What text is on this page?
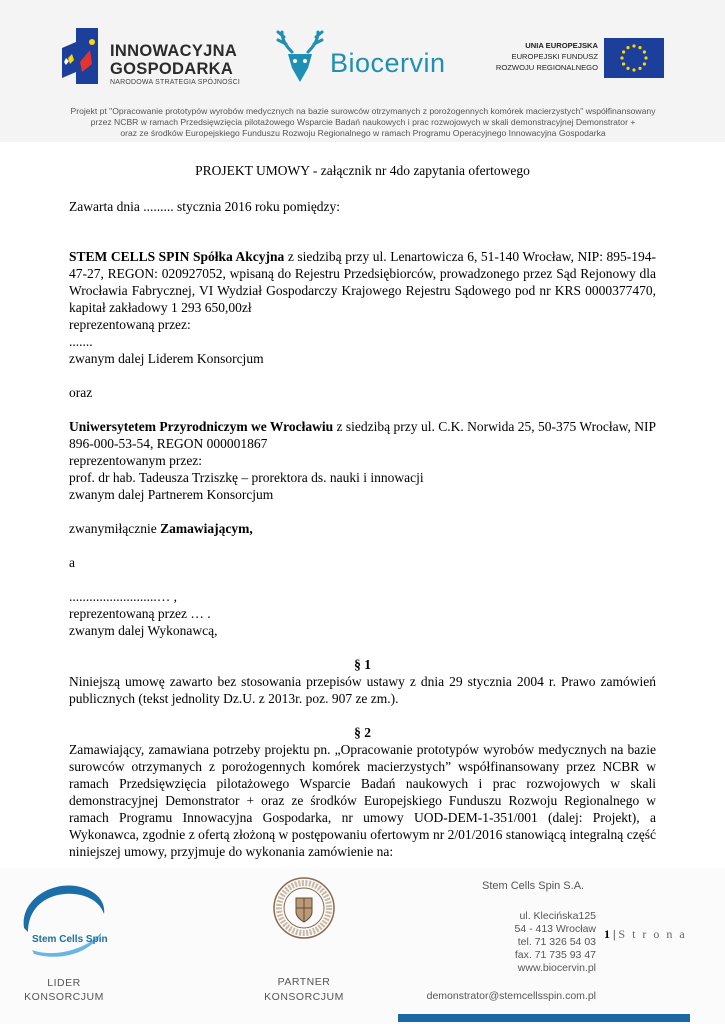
INNOWACYJNA
GOSPODARKA
NARODOWA STRATEGIA SPÓJNOŚCI
Biocervin
UNIA EUROPEJSKA
EUROPEJSKI FUNDUSZ
ROZWOJU REGIONALNEGO
Projekt pt "Opracowanie prototypów wyrobów medycznych na bazie surowców otrzymanych z porożogennych komórek macierzystych" współfinansowany
przez NCBR w ramach Przedsięwzięcia pilotażowego Wsparcie Badań naukowych i prac rozwojowych w skali demonstracyjnej Demonstrator +
oraz ze środków Europejskiego Funduszu Rozwoju Regionalnego w ramach Programu Operacyjnego Innowacyjna Gospodarka
PROJEKT UMOWY - załącznik nr 4do zapytania ofertowego
Zawarta dnia ......... stycznia 2016 roku pomiędzy:
STEM CELLS SPIN Spółka Akcyjna z siedzibą przy ul. Lenartowicza 6, 51-140 Wrocław, NIP: 895-194-47-27, REGON: 020927052, wpisaną do Rejestru Przedsiębiorców, prowadzonego przez Sąd Rejonowy dla Wrocławia Fabrycznej, VI Wydział Gospodarczy Krajowego Rejestru Sądowego pod nr KRS 0000377470, kapitał zakładowy 1 293 650,00zł
reprezentowaną przez:
.......
zwanym dalej Liderem Konsorcjum
oraz
Uniwersytetem Przyrodniczym we Wrocławiu z siedzibą przy ul. C.K. Norwida 25, 50-375 Wrocław, NIP 896-000-53-54, REGON 000001867
reprezentowanym przez:
prof. dr hab. Tadeusza Trziszkę – prorektora ds. nauki i innowacji
zwanym dalej Partnerem Konsorcjum
zwanymiłącznie Zamawiającym,
a
..........................… ,
reprezentowaną przez … .
zwanym dalej Wykonawcą,
§ 1
Niniejszą umowę zawarto bez stosowania przepisów ustawy z dnia 29 stycznia 2004 r. Prawo zamówień publicznych (tekst jednolity Dz.U. z 2013r. poz. 907 ze zm.).
§ 2
Zamawiający, zamawiana potrzeby projektu pn. „Opracowanie prototypów wyrobów medycznych na bazie surowców otrzymanych z porożogennych komórek macierzystych” współfinansowany przez NCBR w ramach Przedsięwzięcia pilotażowego Wsparcie Badań naukowych i prac rozwojowych w skali demonstracyjnej Demonstrator + oraz ze środków Europejskiego Funduszu Rozwoju Regionalnego w ramach Programu Innowacyjna Gospodarka, nr umowy UOD-DEM-1-351/001 (dalej: Projekt), a Wykonawca, zgodnie z ofertą złożoną w postępowaniu ofertowym nr 2/01/2016 stanowiącą integralną część niniejszej umowy, przyjmuje do wykonania zamówienie na:
Stem Cells Spin
LIDER
KONSORCJUM
PARTNER
KONSORCJUM
Stem Cells Spin S.A.
ul. Klecińska125
54 - 413 Wrocław
tel. 71 326 54 03
fax. 71 735 93 47
www.biocervin.pl
demonstrator@stemcellsspin.com.pl
1 | S t r o n a
